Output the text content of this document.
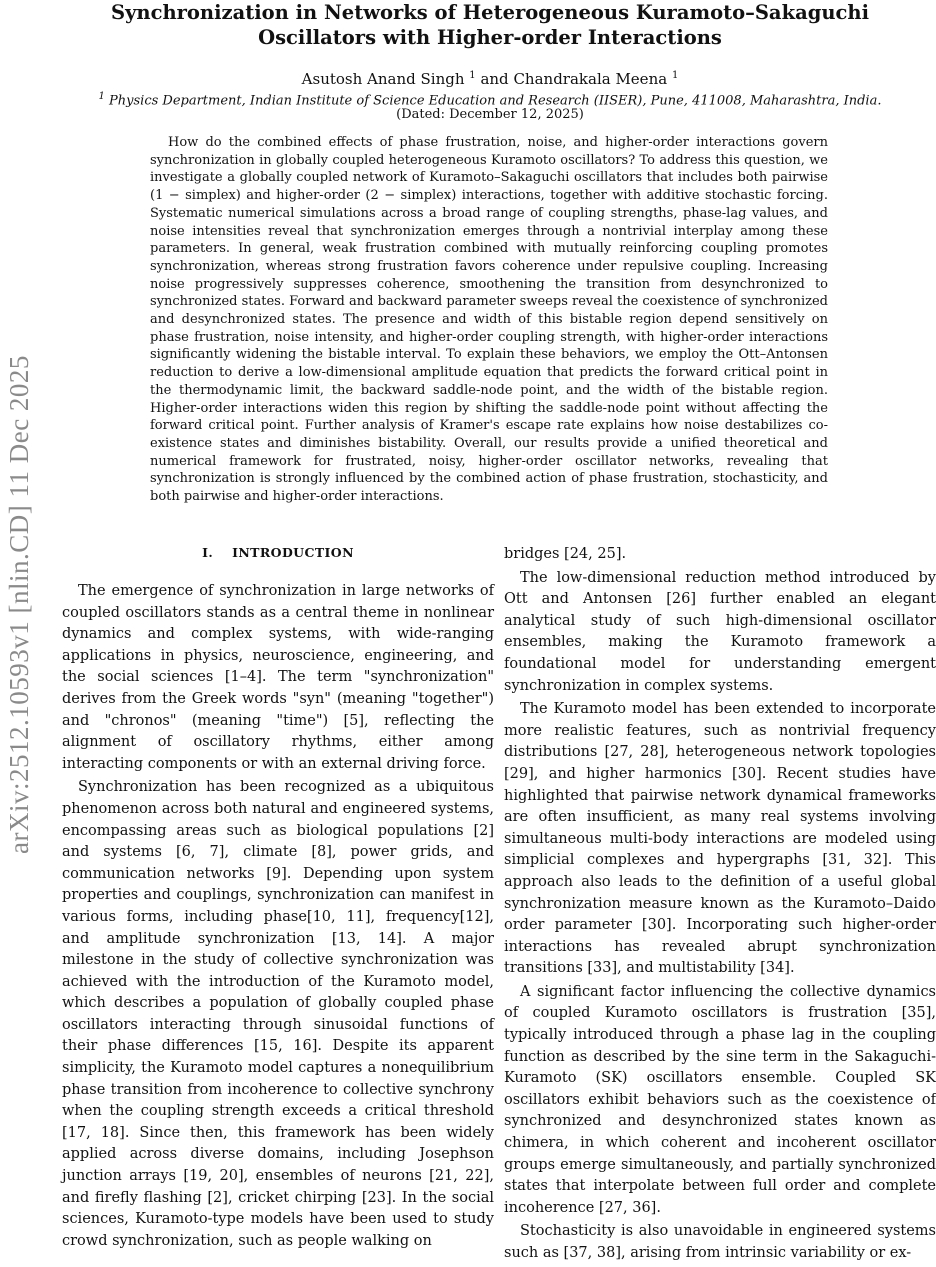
arXiv:2512.10593v1 [nlin.CD] 11 Dec 2025
Synchronization in Networks of Heterogeneous Kuramoto–Sakaguchi Oscillators with Higher-order Interactions
Asutosh Anand Singh $^1$ and Chandrakala Meena $^1$
$^1$ Physics Department, Indian Institute of Science Education and Research (IISER), Pune, 411008, Maharashtra, India.
(Dated: December 12, 2025)

How do the combined effects of phase frustration, noise, and higher-order interactions govern synchronization in globally coupled heterogeneous Kuramoto oscillators? To address this question, we investigate a globally coupled network of Kuramoto–Sakaguchi oscillators that includes both pairwise (1 − simplex) and higher-order (2 − simplex) interactions, together with additive stochastic forcing. Systematic numerical simulations across a broad range of coupling strengths, phase-lag values, and noise intensities reveal that synchronization emerges through a nontrivial interplay among these parameters. In general, weak frustration combined with mutually reinforcing coupling promotes synchronization, whereas strong frustration favors coherence under repulsive coupling. Increasing noise progressively suppresses coherence, smoothening the transition from desynchronized to synchronized states. Forward and backward parameter sweeps reveal the coexistence of synchronized and desynchronized states. The presence and width of this bistable region depend sensitively on phase frustration, noise intensity, and higher-order coupling strength, with higher-order interactions significantly widening the bistable interval. To explain these behaviors, we employ the Ott–Antonsen reduction to derive a low-dimensional amplitude equation that predicts the forward critical point in the thermodynamic limit, the backward saddle-node point, and the width of the bistable region. Higher-order interactions widen this region by shifting the saddle-node point without affecting the forward critical point. Further analysis of Kramer's escape rate explains how noise destabilizes co-existence states and diminishes bistability. Overall, our results provide a unified theoretical and numerical framework for frustrated, noisy, higher-order oscillator networks, revealing that synchronization is strongly influenced by the combined action of phase frustration, stochasticity, and both pairwise and higher-order interactions.

I. INTRODUCTION

The emergence of synchronization in large networks of coupled oscillators stands as a central theme in nonlinear dynamics and complex systems, with wide-ranging applications in physics, neuroscience, engineering, and the social sciences [1–4]. The term "synchronization" derives from the Greek words "syn" (meaning "together") and "chronos" (meaning "time") [5], reflecting the alignment of oscillatory rhythms, either among interacting components or with an external driving force.

Synchronization has been recognized as a ubiquitous phenomenon across both natural and engineered systems, encompassing areas such as biological populations [2] and systems [6, 7], climate [8], power grids, and communication networks [9]. Depending upon system properties and couplings, synchronization can manifest in various forms, including phase[10, 11], frequency[12], and amplitude synchronization [13, 14]. A major milestone in the study of collective synchronization was achieved with the introduction of the Kuramoto model, which describes a population of globally coupled phase oscillators interacting through sinusoidal functions of their phase differences [15, 16]. Despite its apparent simplicity, the Kuramoto model captures a nonequilibrium phase transition from incoherence to collective synchrony when the coupling strength exceeds a critical threshold [17, 18]. Since then, this framework has been widely applied across diverse domains, including Josephson junction arrays [19, 20], ensembles of neurons [21, 22], and firefly flashing [2], cricket chirping [23]. In the social sciences, Kuramoto-type models have been used to study crowd synchronization, such as people walking on

bridges [24, 25].

The low-dimensional reduction method introduced by Ott and Antonsen [26] further enabled an elegant analytical study of such high-dimensional oscillator ensembles, making the Kuramoto framework a foundational model for understanding emergent synchronization in complex systems.

The Kuramoto model has been extended to incorporate more realistic features, such as nontrivial frequency distributions [27, 28], heterogeneous network topologies [29], and higher harmonics [30]. Recent studies have highlighted that pairwise network dynamical frameworks are often insufficient, as many real systems involving simultaneous multi-body interactions are modeled using simplicial complexes and hypergraphs [31, 32]. This approach also leads to the definition of a useful global synchronization measure known as the Kuramoto–Daido order parameter [30]. Incorporating such higher-order interactions has revealed abrupt synchronization transitions [33], and multistability [34].

A significant factor influencing the collective dynamics of coupled Kuramoto oscillators is frustration [35], typically introduced through a phase lag in the coupling function as described by the sine term in the Sakaguchi-Kuramoto (SK) oscillators ensemble. Coupled SK oscillators exhibit behaviors such as the coexistence of synchronized and desynchronized states known as chimera, in which coherent and incoherent oscillator groups emerge simultaneously, and partially synchronized states that interpolate between full order and complete incoherence [27, 36].

Stochasticity is also unavoidable in engineered systems such as [37, 38], arising from intrinsic variability or ex-
